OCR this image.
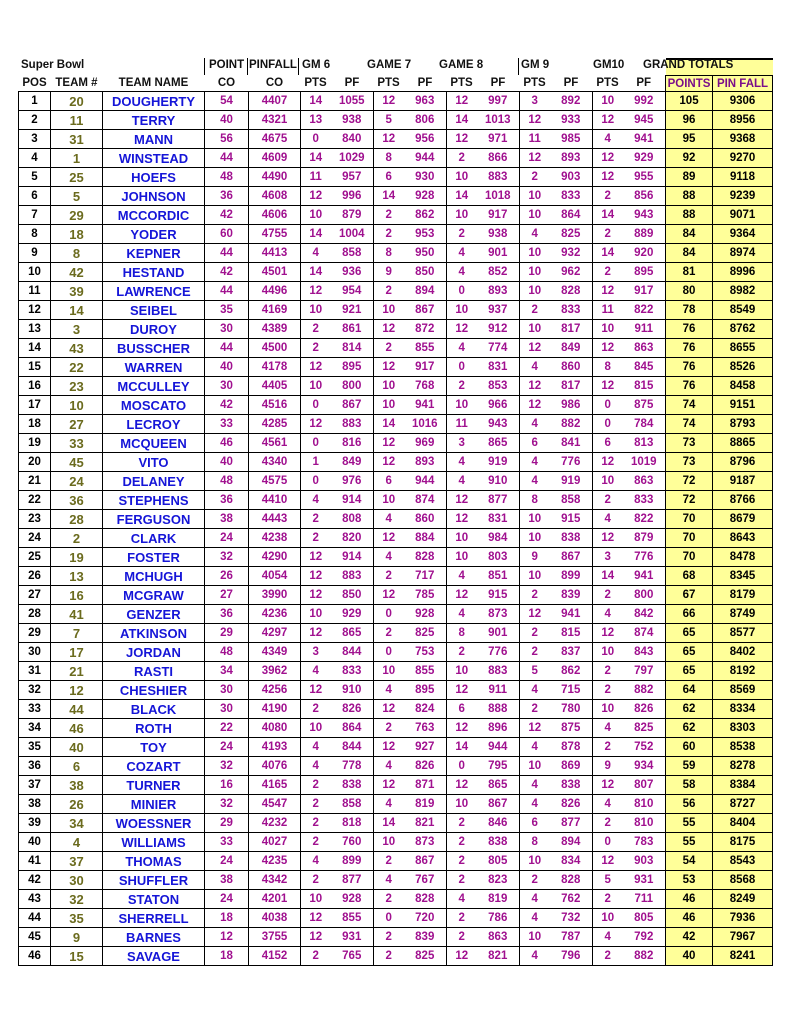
Super Bowl	POINT PINFALL GM 6	GAME 7 GAME 8	GM 9	GM10 GRAND TOTALS
POS	TEAM #	TEAM NAME	CO	CO	PTS	PF	PTS	PF	PTS	PF	PTS	PF	PTS	PF	POINTS	PIN FALL
1	20	DOUGHERTY	54	4407	14	1055	12	963	12	997	3	892	10	992	105	9306
2	11	TERRY	40	4321	13	938	5	806	14	1013	12	933	12	945	96	8956
3	31	MANN	56	4675	0	840	12	956	12	971	11	985	4	941	95	9368
4	1	WINSTEAD	44	4609	14	1029	8	944	2	866	12	893	12	929	92	9270
5	25	HOEFS	48	4490	11	957	6	930	10	883	2	903	12	955	89	9118
6	5	JOHNSON	36	4608	12	996	14	928	14	1018	10	833	2	856	88	9239
7	29	MCCORDIC	42	4606	10	879	2	862	10	917	10	864	14	943	88	9071
8	18	YODER	60	4755	14	1004	2	953	2	938	4	825	2	889	84	9364
9	8	KEPNER	44	4413	4	858	8	950	4	901	10	932	14	920	84	8974
10	42	HESTAND	42	4501	14	936	9	850	4	852	10	962	2	895	81	8996
11	39	LAWRENCE	44	4496	12	954	2	894	0	893	10	828	12	917	80	8982
12	14	SEIBEL	35	4169	10	921	10	867	10	937	2	833	11	822	78	8549
13	3	DUROY	30	4389	2	861	12	872	12	912	10	817	10	911	76	8762
14	43	BUSSCHER	44	4500	2	814	2	855	4	774	12	849	12	863	76	8655
15	22	WARREN	40	4178	12	895	12	917	0	831	4	860	8	845	76	8526
16	23	MCCULLEY	30	4405	10	800	10	768	2	853	12	817	12	815	76	8458
17	10	MOSCATO	42	4516	0	867	10	941	10	966	12	986	0	875	74	9151
18	27	LECROY	33	4285	12	883	14	1016	11	943	4	882	0	784	74	8793
19	33	MCQUEEN	46	4561	0	816	12	969	3	865	6	841	6	813	73	8865
20	45	VITO	40	4340	1	849	12	893	4	919	4	776	12	1019	73	8796
21	24	DELANEY	48	4575	0	976	6	944	4	910	4	919	10	863	72	9187
22	36	STEPHENS	36	4410	4	914	10	874	12	877	8	858	2	833	72	8766
23	28	FERGUSON	38	4443	2	808	4	860	12	831	10	915	4	822	70	8679
24	2	CLARK	24	4238	2	820	12	884	10	984	10	838	12	879	70	8643
25	19	FOSTER	32	4290	12	914	4	828	10	803	9	867	3	776	70	8478
26	13	MCHUGH	26	4054	12	883	2	717	4	851	10	899	14	941	68	8345
27	16	MCGRAW	27	3990	12	850	12	785	12	915	2	839	2	800	67	8179
28	41	GENZER	36	4236	10	929	0	928	4	873	12	941	4	842	66	8749
29	7	ATKINSON	29	4297	12	865	2	825	8	901	2	815	12	874	65	8577
30	17	JORDAN	48	4349	3	844	0	753	2	776	2	837	10	843	65	8402
31	21	RASTI	34	3962	4	833	10	855	10	883	5	862	2	797	65	8192
32	12	CHESHIER	30	4256	12	910	4	895	12	911	4	715	2	882	64	8569
33	44	BLACK	30	4190	2	826	12	824	6	888	2	780	10	826	62	8334
34	46	ROTH	22	4080	10	864	2	763	12	896	12	875	4	825	62	8303
35	40	TOY	24	4193	4	844	12	927	14	944	4	878	2	752	60	8538
36	6	COZART	32	4076	4	778	4	826	0	795	10	869	9	934	59	8278
37	38	TURNER	16	4165	2	838	12	871	12	865	4	838	12	807	58	8384
38	26	MINIER	32	4547	2	858	4	819	10	867	4	826	4	810	56	8727
39	34	WOESSNER	29	4232	2	818	14	821	2	846	6	877	2	810	55	8404
40	4	WILLIAMS	33	4027	2	760	10	873	2	838	8	894	0	783	55	8175
41	37	THOMAS	24	4235	4	899	2	867	2	805	10	834	12	903	54	8543
42	30	SHUFFLER	38	4342	2	877	4	767	2	823	2	828	5	931	53	8568
43	32	STATON	24	4201	10	928	2	828	4	819	4	762	2	711	46	8249
44	35	SHERRELL	18	4038	12	855	0	720	2	786	4	732	10	805	46	7936
45	9	BARNES	12	3755	12	931	2	839	2	863	10	787	4	792	42	7967
46	15	SAVAGE	18	4152	2	765	2	825	12	821	4	796	2	882	40	8241
